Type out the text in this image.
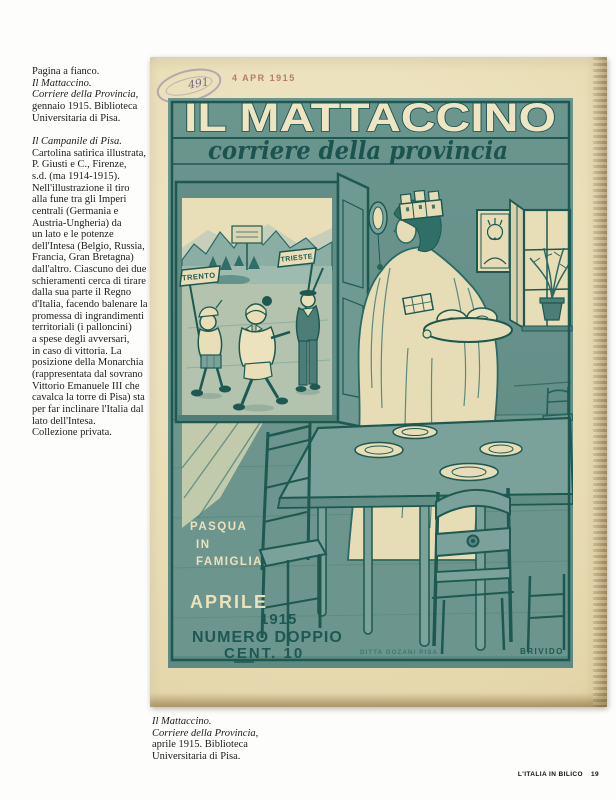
Pagina a fianco.
Il Mattaccino.
Corriere della Provincia,
gennaio 1915. Biblioteca
Universitaria di Pisa.
Il Campanile di Pisa.
Cartolina satirica illustrata,
P. Giusti e C., Firenze,
s.d. (ma 1914-1915).
Nell'illustrazione il tiro
alla fune tra gli Imperi
centrali (Germania e
Austria-Ungheria) da
un lato e le potenze
dell'Intesa (Belgio, Russia,
Francia, Gran Bretagna)
dall'altro. Ciascuno dei due
schieramenti cerca di tirare
dalla sua parte il Regno
d'Italia, facendo balenare la
promessa di ingrandimenti
territoriali (i palloncini)
a spese degli avversari,
in caso di vittoria. La
posizione della Monarchia
(rappresentata dal sovrano
Vittorio Emanuele III che
cavalca la torre di Pisa) sta
per far inclinare l'Italia dal
lato dell'Intesa.
Collezione privata.
491 4 APR 1915
TRENTO
TRIESTE
IL MATTACCINO
corriere della provincia
PASQUA
IN
FAMIGLIA
APRILE
1915
NUMERO DOPPIO
CENT. 10	DITTA GOZANI PISA	BRIVIDO
Il Mattaccino.
Corriere della Provincia,
aprile 1915. Biblioteca
Universitaria di Pisa.
L'ITALIA IN BILICO 19
